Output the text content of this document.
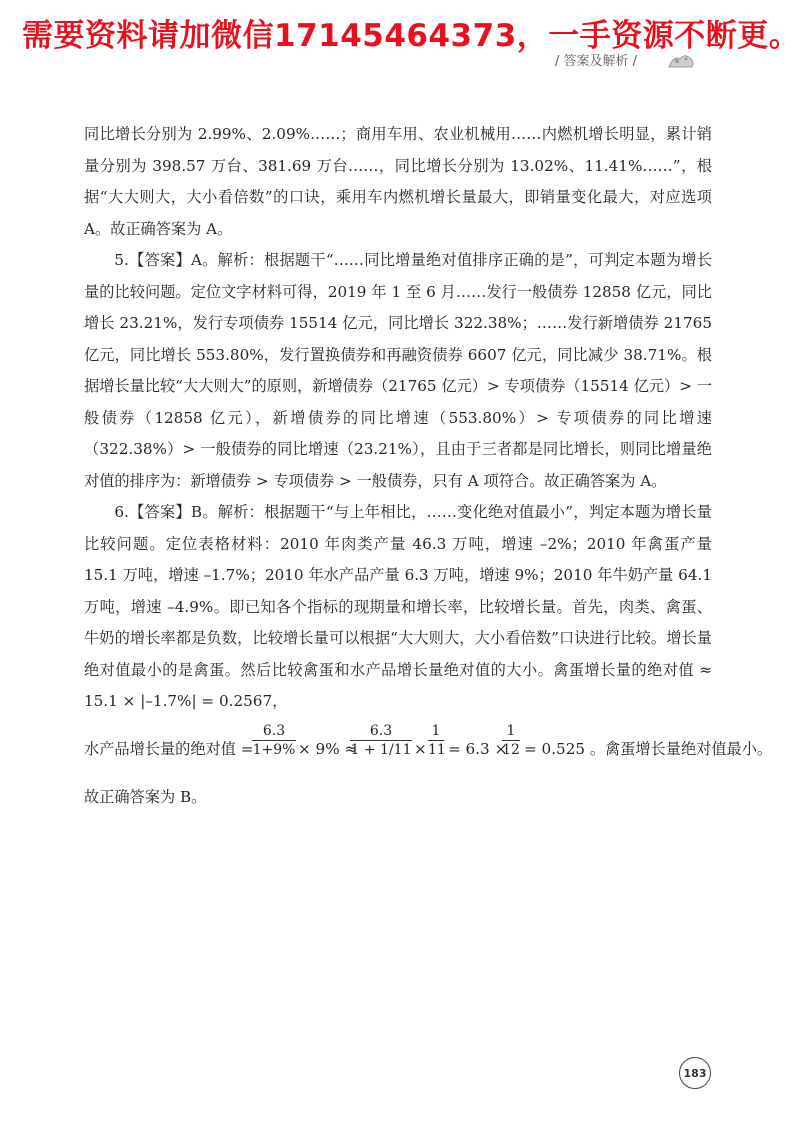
需要资料请加微信17145464373，一手资源不断更。
/ 答案及解析 /

同比增长分别为 2.99%、2.09%……；商用车用、农业机械用……内燃机增长明显，累计销量分别为 398.57 万台、381.69 万台……，同比增长分别为 13.02%、11.41%……”，根据“大大则大，大小看倍数”的口诀，乘用车内燃机增长量最大，即销量变化最大，对应选项 A。故正确答案为 A。

5.【答案】A。解析：根据题干“……同比增量绝对值排序正确的是”，可判定本题为增长量的比较问题。定位文字材料可得，2019 年 1 至 6 月……发行一般债券 12858 亿元，同比增长 23.21%，发行专项债券 15514 亿元，同比增长 322.38%；……发行新增债券 21765 亿元，同比增长 553.80%，发行置换债券和再融资债券 6607 亿元，同比减少 38.71%。根据增长量比较“大大则大”的原则，新增债券（21765 亿元）> 专项债券（15514 亿元）> 一般债券（12858 亿元），新增债券的同比增速（553.80%）> 专项债券的同比增速（322.38%）> 一般债券的同比增速（23.21%），且由于三者都是同比增长，则同比增量绝对值的排序为：新增债券 > 专项债券 > 一般债券，只有 A 项符合。故正确答案为 A。

6.【答案】B。解析：根据题干“与上年相比，……变化绝对值最小”，判定本题为增长量比较问题。定位表格材料：2010 年肉类产量 46.3 万吨，增速 –2%；2010 年禽蛋产量 15.1 万吨，增速 –1.7%；2010 年水产品产量 6.3 万吨，增速 9%；2010 年牛奶产量 64.1 万吨，增速 –4.9%。即已知各个指标的现期量和增长率，比较增长量。首先，肉类、禽蛋、牛奶的增长率都是负数，比较增长量可以根据“大大则大，大小看倍数”口诀进行比较。增长量绝对值最小的是禽蛋。然后比较禽蛋和水产品增长量绝对值的大小。禽蛋增长量的绝对值 ≈ 15.1 × |–1.7%| = 0.2567，

水产品增长量的绝对值 =
$\frac{6.3}{1+9\%} \times 9\%$ ≈
$\frac{6.3}{1 + 1/11} \times \frac{1}{11} = 6.3$ ×
$\frac{1}{12} = 0.525$ 。禽蛋增长量绝对值最小。

故正确答案为 B。

183
